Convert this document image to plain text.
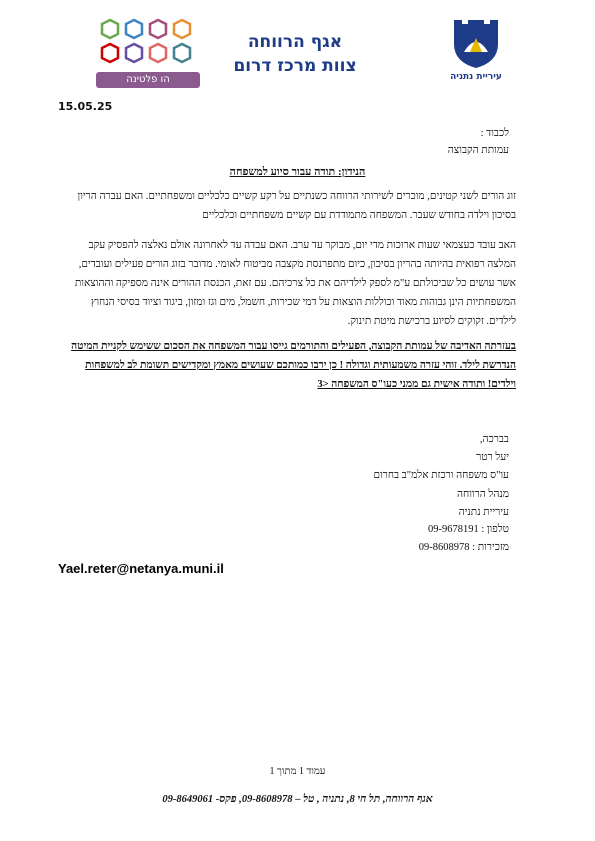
הו פלטינה
אגף הרווחה
צוות מרכז דרום
עיריית נתניה
15.05.25
לכבוד :
עמותת הקבוצה
הנידון: תודה עבור סיוע למשפחה
זוג הורים לשני קטינים, מוכרים לשירותי הרווחה כשנתיים על רקע קשיים כלכליים ומשפחתיים. האם עברה הריון בסיכון וילדה בחודש שעבר. המשפחה מתמודדת עם קשיים משפחתיים וכלכליים
האב עובד כעצמאי שעות ארוכות מדי יום, מבוקר עד ערב. האם עבדה עד לאחרונה אולם נאלצה להפסיק עקב המלצה רפואית בהיותה בהריון בסיכון, כיום מתפרנסת מקצבה מביטוח לאומי. מדובר בזוג הורים פעילים ועובדים, אשר עושים כל שביכולתם ע"מ לספק לילדיהם את כל צרכיהם. עם זאת, הכנסת ההורים אינה מספיקה וההוצאות המשפחתיות הינן גבוהות מאוד וכוללות הוצאות על דמי שכירות, חשמל, מים וגז ומזון, ביגוד וציוד בסיסי הנחוץ לילדים. זקוקים לסיוע ברכישת מיטת תינוק.
בעזרתה האדיבה של עמותת הקבוצה, הפעילים והתורמים גייסו עבור המשפחה את הסכום ששימש לקניית המיטה הנדרשת לילד. זוהי עזרה משמעותית וגדולה ! כן ירבו כמותכם שעושים מאמץ ומקדישים תשומת לב למשפחות וילדים! ותודה אישית גם ממני כעו"ס המשפחה <3
בברכה,
יעל רטר
עו"ס משפחה ורכזת אלמ"ב בחרום
מנהל הרווחה
עיריית נתניה
טלפון : 09-9678191
מזכירות : 09-8608978
Yael.reter@netanya.muni.il
עמוד 1 מתוך 1
אגף הרווחה, תל חי 8, נתניה , טל – 09-8608978, פקס- 09-8649061
